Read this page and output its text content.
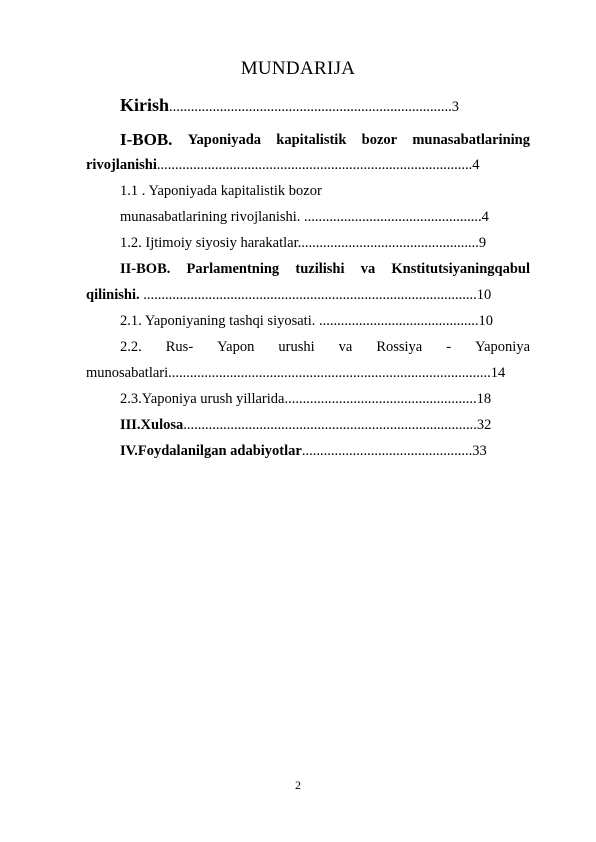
MUNDARIJA
Kirish..............................................................................3
I-BOB. Yaponiyada kapitalistik bozor munasabatlarining
rivojlanishi.......................................................................................4
1.1 . Yaponiyada kapitalistik bozor
munasabatlarining rivojlanishi. .................................................4
1.2. Ijtimoiy siyosiy harakatlar..................................................9
II-BOB. Parlamentning tuzilishi va Knstitutsiyaningqabul
qilinishi. ............................................................................................10
2.1. Yaponiyaning tashqi siyosati. ............................................10
2.2. Rus- Yapon urushi va Rossiya - Yaponiya
munosabatlari.........................................................................................14
2.3.Yaponiya urush yillarida.....................................................18
III.Xulosa.................................................................................32
IV.Foydalanilgan adabiyotlar...............................................33
2
